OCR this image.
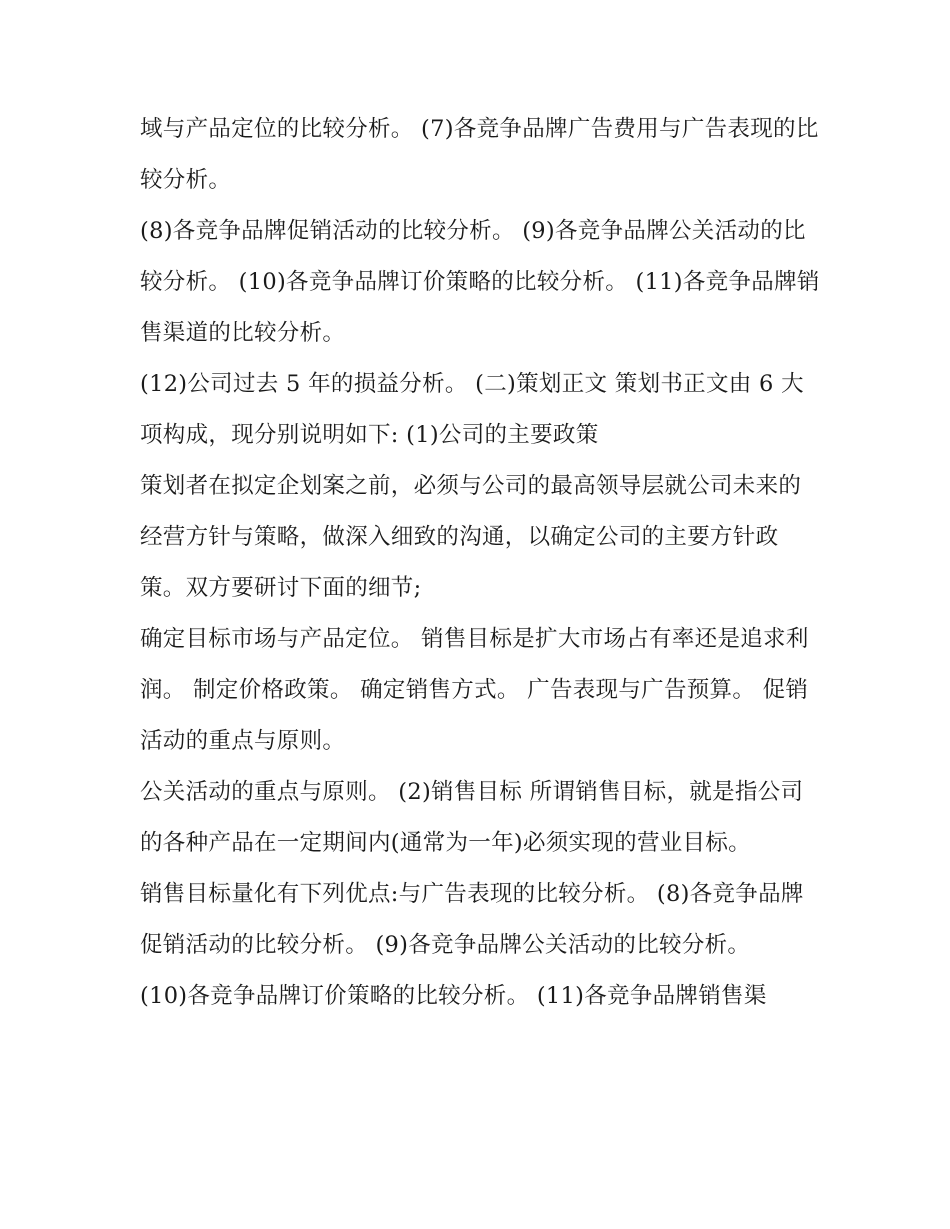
域与产品定位的比较分析。 (7)各竞争品牌广告费用与广告表现的比较分析。

(8)各竞争品牌促销活动的比较分析。 (9)各竞争品牌公关活动的比较分析。 (10)各竞争品牌订价策略的比较分析。 (11)各竞争品牌销售渠道的比较分析。

(12)公司过去 5 年的损益分析。 (二)策划正文 策划书正文由 6 大项构成，现分别说明如下: (1)公司的主要政策

策划者在拟定企划案之前，必须与公司的最高领导层就公司未来的经营方针与策略，做深入细致的沟通，以确定公司的主要方针政策。双方要研讨下面的细节;

确定目标市场与产品定位。 销售目标是扩大市场占有率还是追求利润。 制定价格政策。 确定销售方式。 广告表现与广告预算。 促销活动的重点与原则。

公关活动的重点与原则。 (2)销售目标 所谓销售目标，就是指公司的各种产品在一定期间内(通常为一年)必须实现的营业目标。

销售目标量化有下列优点:与广告表现的比较分析。 (8)各竞争品牌促销活动的比较分析。 (9)各竞争品牌公关活动的比较分析。

(10)各竞争品牌订价策略的比较分析。 (11)各竞争品牌销售渠
